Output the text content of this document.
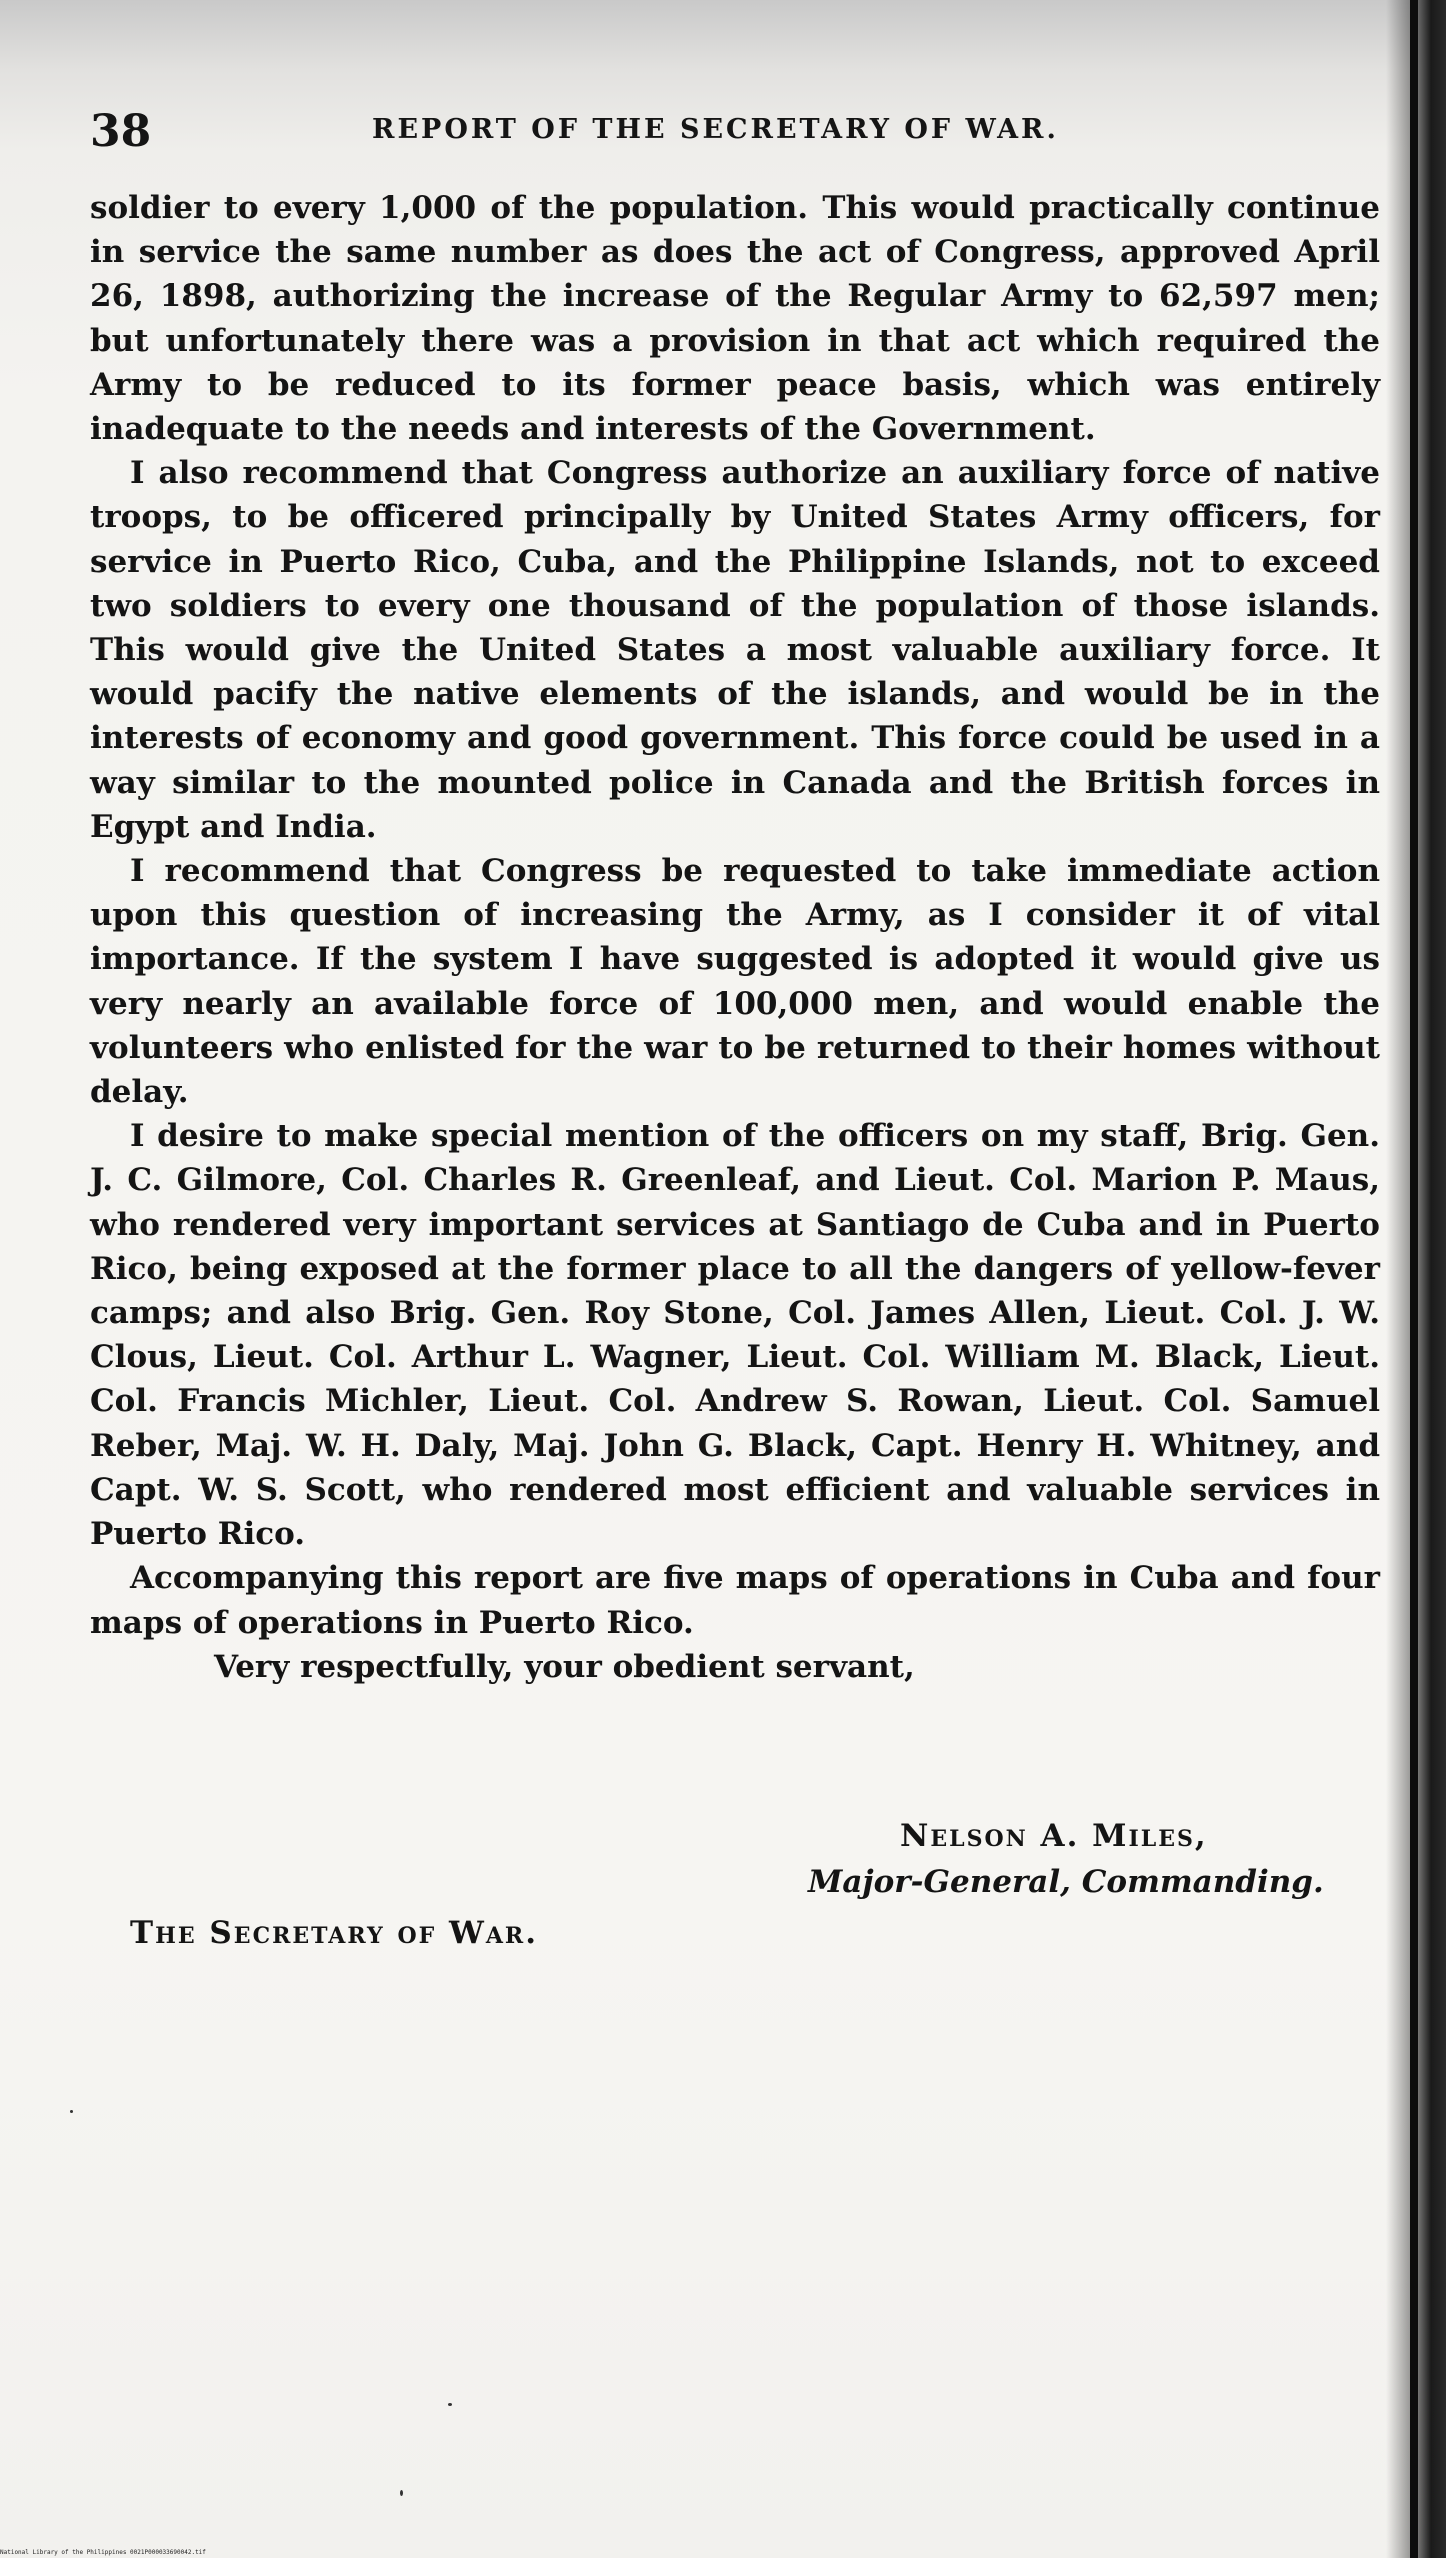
38	REPORT OF THE SECRETARY OF WAR.

soldier to every 1,000 of the population. This would practically continue in service the same number as does the act of Congress, approved April 26, 1898, authorizing the increase of the Regular Army to 62,597 men; but unfortunately there was a provision in that act which required the Army to be reduced to its former peace basis, which was entirely inadequate to the needs and interests of the Government.

I also recommend that Congress authorize an auxiliary force of native troops, to be officered principally by United States Army officers, for service in Puerto Rico, Cuba, and the Philippine Islands, not to exceed two soldiers to every one thousand of the population of those islands. This would give the United States a most valuable auxiliary force. It would pacify the native elements of the islands, and would be in the interests of economy and good government. This force could be used in a way similar to the mounted police in Canada and the British forces in Egypt and India.

I recommend that Congress be requested to take immediate action upon this question of increasing the Army, as I consider it of vital importance. If the system I have suggested is adopted it would give us very nearly an available force of 100,000 men, and would enable the volunteers who enlisted for the war to be returned to their homes without delay.

I desire to make special mention of the officers on my staff, Brig. Gen. J. C. Gilmore, Col. Charles R. Greenleaf, and Lieut. Col. Marion P. Maus, who rendered very important services at Santiago de Cuba and in Puerto Rico, being exposed at the former place to all the dangers of yellow-fever camps; and also Brig. Gen. Roy Stone, Col. James Allen, Lieut. Col. J. W. Clous, Lieut. Col. Arthur L. Wagner, Lieut. Col. William M. Black, Lieut. Col. Francis Michler, Lieut. Col. Andrew S. Rowan, Lieut. Col. Samuel Reber, Maj. W. H. Daly, Maj. John G. Black, Capt. Henry H. Whitney, and Capt. W. S. Scott, who rendered most efficient and valuable services in Puerto Rico.

Accompanying this report are five maps of operations in Cuba and four maps of operations in Puerto Rico.

Very respectfully, your obedient servant,

Nelson A. Miles,
Major-General, Commanding.
The Secretary of War.
National Library of the Philippines 0021P000033690042.tif
